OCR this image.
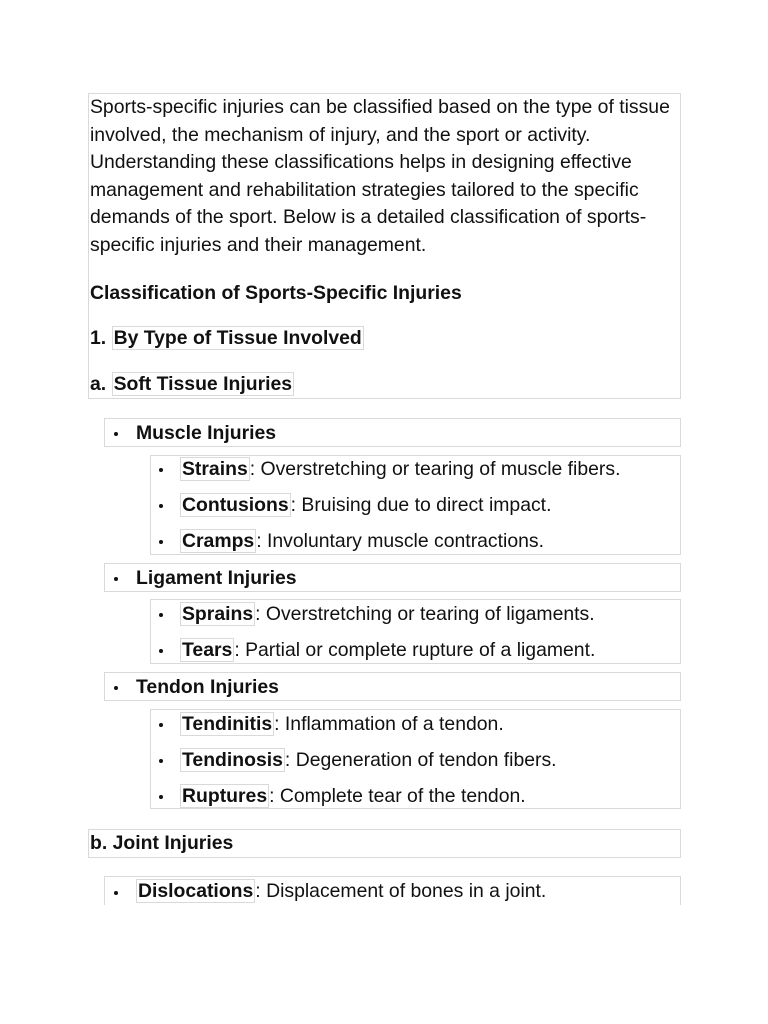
Sports-specific injuries can be classified based on the type of tissue involved, the mechanism of injury, and the sport or activity. Understanding these classifications helps in designing effective management and rehabilitation strategies tailored to the specific demands of the sport. Below is a detailed classification of sports-specific injuries and their management.

Classification of Sports-Specific Injuries
1. By Type of Tissue Involved
a. Soft Tissue Injuries
Muscle Injuries
Strains : Overstretching or tearing of muscle fibers.
Contusions : Bruising due to direct impact.
Cramps : Involuntary muscle contractions.
Ligament Injuries
Sprains : Overstretching or tearing of ligaments.
Tears : Partial or complete rupture of a ligament.
Tendon Injuries
Tendinitis : Inflammation of a tendon.
Tendinosis : Degeneration of tendon fibers.
Ruptures : Complete tear of the tendon.
b. Joint Injuries
Dislocations : Displacement of bones in a joint.
